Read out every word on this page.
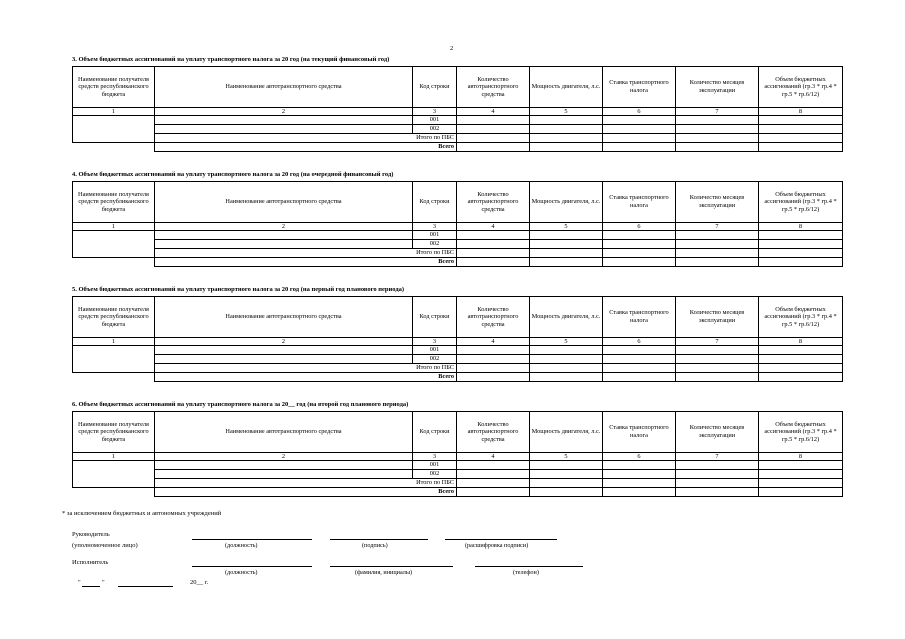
2
3. Объем бюджетных ассигнований на уплату транспортного налога за 20 год (на текущий финансовый год)
Наименование получателя средств республиканского бюджета	Наименование автотранспортного средства	Код строки	Количество автотранспортного средства	Мощность двигателя, л.с.	Ставка транспортного налога	Количество месяцев эксплуатации	Объем бюджетных ассигнований (гр.3 * гр.4 * гр.5 * гр.6/12)
1	2	3	4	5	6	7	8
		001					
		002					
	Итого по ПБС						
	Всего						
4. Объем бюджетных ассигнований на уплату транспортного налога за 20 год (на очередной финансовый год)
Наименование получателя средств республиканского бюджета	Наименование автотранспортного средства	Код строки	Количество автотранспортного средства	Мощность двигателя, л.с.	Ставка транспортного налога	Количество месяцев эксплуатации	Объем бюджетных ассигнований (гр.3 * гр.4 * гр.5 * гр.6/12)
1	2	3	4	5	6	7	8
		001					
		002					
	Итого по ПБС						
	Всего						
5. Объем бюджетных ассигнований на уплату транспортного налога за 20 год (на первый год планового периода)
Наименование получателя средств республиканского бюджета	Наименование автотранспортного средства	Код строки	Количество автотранспортного средства	Мощность двигателя, л.с.	Ставка транспортного налога	Количество месяцев эксплуатации	Объем бюджетных ассигнований (гр.3 * гр.4 * гр.5 * гр.6/12)
1	2	3	4	5	6	7	8
		001					
		002					
	Итого по ПБС						
	Всего						
6. Объем бюджетных ассигнований на уплату транспортного налога за 20__ год (на второй год планового периода)
Наименование получателя средств республиканского бюджета	Наименование автотранспортного средства	Код строки	Количество автотранспортного средства	Мощность двигателя, л.с.	Ставка транспортного налога	Количество месяцев эксплуатации	Объем бюджетных ассигнований (гр.3 * гр.4 * гр.5 * гр.6/12)
1	2	3	4	5	6	7	8
		001					
		002					
	Итого по ПБС						
	Всего						
* за исключением бюджетных и автономных учреждений
Руководитель
(уполномоченное лицо)	(должность)	(подпись)	(расшифровка подписи)
Исполнитель
(должность)	(фамилия, инициалы)	(телефон)
"	"	20__ г.
